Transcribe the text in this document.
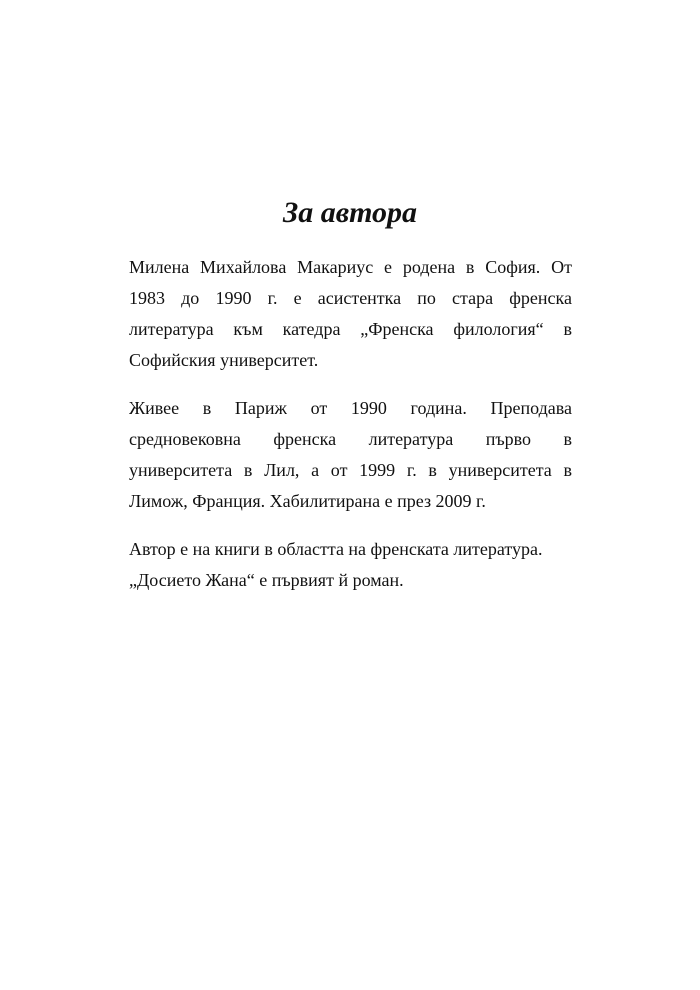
За автора

Милена Михайлова Макариус е родена в София. От
1983 до 1990 г. е асистентка по стара френска
литература към катедра „Френска филология“ в
Софийския университет.

Живее в Париж от 1990 година. Преподава
средновековна френска литература първо в
университета в Лил, а от 1999 г. в университета в
Лимож, Франция. Хабилитирана е през 2009 г.

Автор е на книги в областта на френската литература.
„Досието Жана“ е първият й роман.
